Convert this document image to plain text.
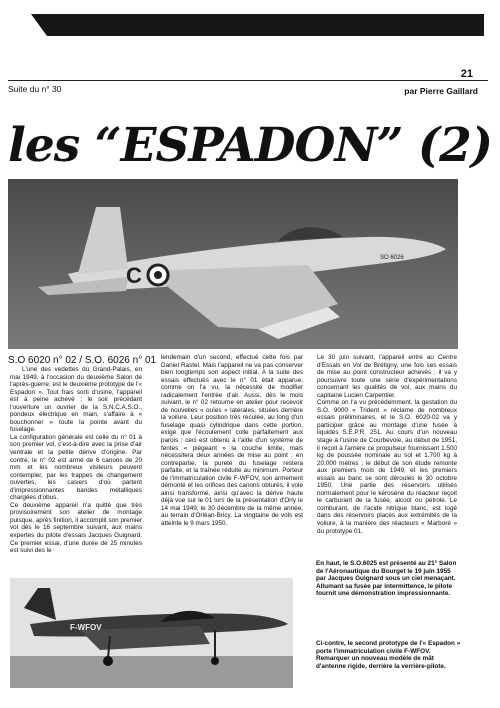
21
Suite du n° 30	par Pierre Gaillard
les “ESPADON” (2)
C
SO 6026
S.O 6020 n° 02 / S.O. 6026 n° 01

L'une des vedettes du Grand-Palais, en mai 1949, à l'occasion du deuxième Salon de l'après-guerre, est le deuxième prototype de l'« Espadon ». Tout frais sorti d'usine, l'appareil est à peine achevé ; le soir précédant l'ouverture un ouvrier de la S.N.C.A.S.O., pondeux électrique en main, s'affaire à « bouchonner » toute la pointe avant du fuselage.

La configuration générale est celle du n° 01 à son premier vol, c'est-à-dire avec la prise d'air ventrale et la petite dérive d'origine. Par contre, le n° 02 est armé de 6 canons de 20 mm et les nombreux visiteurs peuvent contempler, par les trappes de changement ouvertes, les casiers d'où partent d'impressionnantes bandes métalliques chargées d'obus.

Ce deuxième appareil n'a quitté que très provisoirement son atelier de montage puisque, après finition, il accomplit son premier vol dès le 16 septembre suivant, aux mains expertes du pilote d'essais Jacques Guignard. Ce premier essai, d'une durée de 25 minutes est suivi des le

lendemain d'un second, effectué cette fois par Daniel Rastel. Mais l'appareil ne va pas conserver bien longtemps son aspect initial. A la suite des essais effectués avec le n° 01 était apparue, comme on l'a vu, la nécessité de modifier radicalement l'entrée d'air. Aussi, dès le mois suivant, le n° 02 retourne en atelier pour recevoir de nouvelles « ouïes » latérales, situées derrière la voilure. Leur position très reculée, au long d'un fuselage quasi cylindrique dans cette portion, exige que l'écoulement colle parfaitement aux parois ; ceci est obtenu à l'aide d'un système de fentes « piégeant » la couche limite, mais nécessitera deux années de mise au point : en contrepartie, la pureté du fuselage restera parfaite, et la traînée réduite au minimum. Porteur de l'immatriculation civile F-WFOV, son armement démonté et les orifices des canons obturés, il vole ainsi transformé, ainsi qu'avec la dérive haute déjà vue sur le 01 lors de la présentation d'Orly le 14 mai 1949, le 30 décembre de la même année, au terrain d'Orléan-Bricy. La vingtaine de vols est atteinte le 9 mars 1950.

Le 30 juin suivant, l'appareil entre au Centre d'Essais en Vol de Brétigny, une fois ses essais de mise au point constructeur achevés ; il va y poursuivre toute une série d'expérimentations concernant les qualités de vol, aux mains du capitaine Lucien Carpentier.

Comme on l'a vu précédemment, la gestation du S.O. 9000 « Trident » réclame de nombreux essais préliminaires, et le S.O. 6020-02 va y participer grâce au montage d'une fusée à liquides S.E.P.R. 251. Au cours d'un nouveau stage à l'usine de Courbevoie, au début de 1951, il reçoit à l'arrière ce propulseur fournissant 1.500 kg de poussée nominale au sol et 1.700 kg à 20.000 mètres ; le début de son étude remonte aux premiers mois de 1949, et les premiers essais au banc se sont déroulés le 30 octobre 1950. Une partie des réservoirs utilisés normalement pour le kérosène du réacteur reçoit le carburant de la fusée, alcool ou pétrole. Le comburant, de l'acide nitrique blanc, est logé dans des réservoirs placés aux extrémités de la voilure, à la manière des réacteurs « Marboré » du prototype 01.

F-WFOV
En haut, le S.O.6025 est présenté au 21° Salon de l'Aéronautique du Bourget le 19 juin 1955 par Jacques Guignard sous un ciel menaçant. Allumant sa fusée par intermittence, le pilote fournit une démonstration impressionnante.
Ci-contre, le second prototype de l'« Espadon » porte l'immatriculation civile F-WFOV. Remarquer un nouveau modèle de mât d'antenne rigide, derrière la verrière-pilote.
